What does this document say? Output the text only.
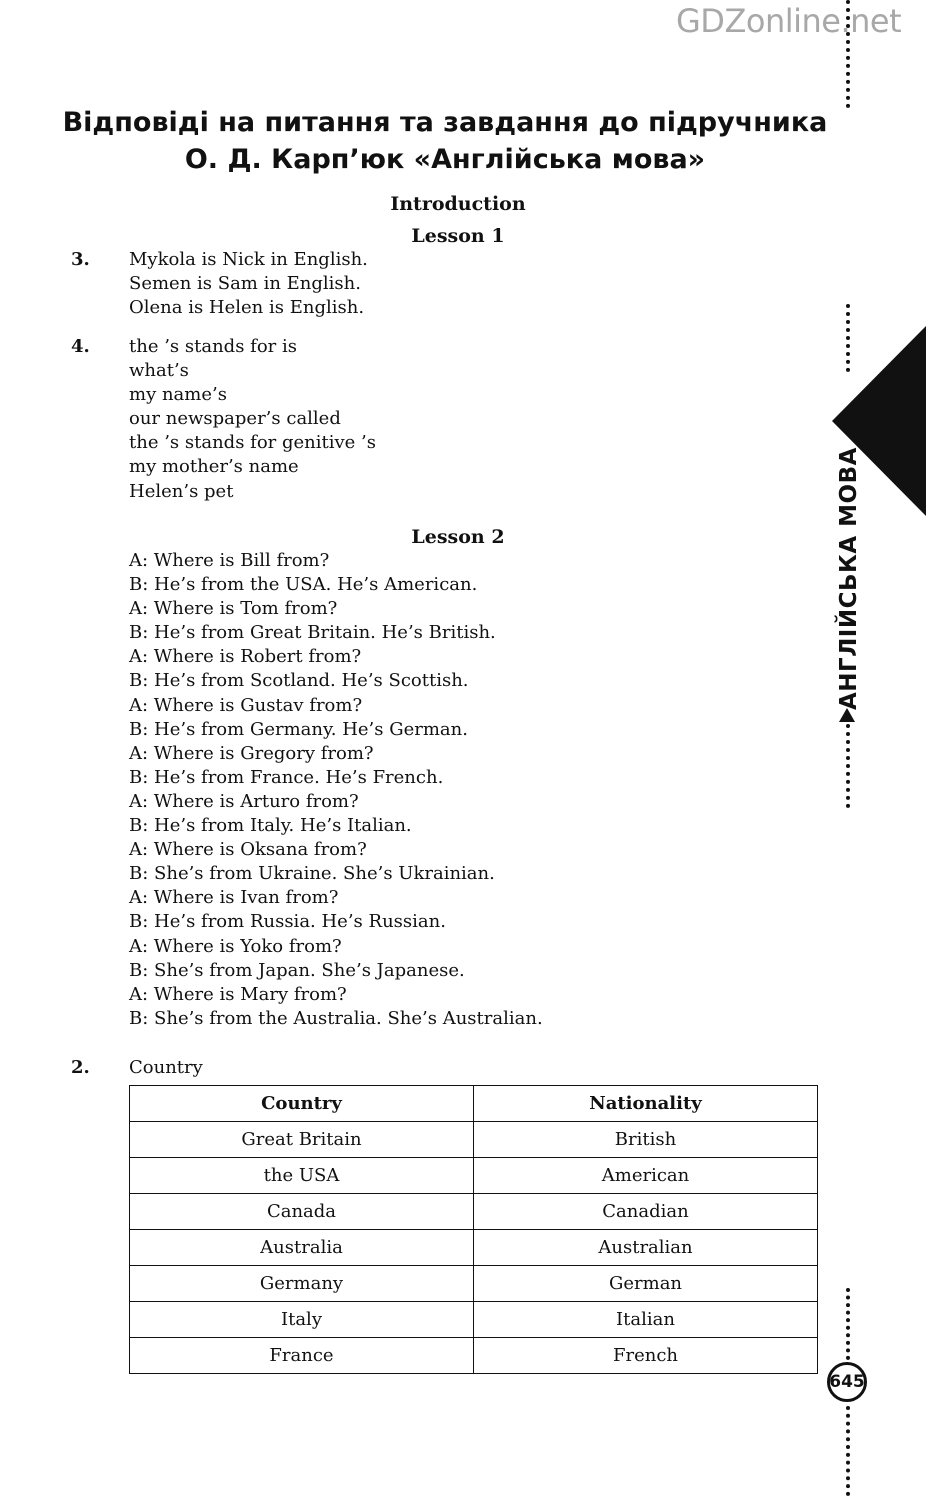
GDZonline.net
АНГЛІЙСЬКА МОВА
645
Відповіді на питання та завдання до підручника
О. Д. Карп’юк «Англійська мова»
Introduction
Lesson 1
3. Mykola is Nick in English.
Semen is Sam in English.
Olena is Helen is English.
4. the ’s stands for is
what’s
my name’s
our newspaper’s called
the ’s stands for genitive ’s
my mother’s name
Helen’s pet
Lesson 2
A: Where is Bill from?
B: He’s from the USA. He’s American.
A: Where is Tom from?
B: He’s from Great Britain. He’s British.
A: Where is Robert from?
B: He’s from Scotland. He’s Scottish.
A: Where is Gustav from?
B: He’s from Germany. He’s German.
A: Where is Gregory from?
B: He’s from France. He’s French.
A: Where is Arturo from?
B: He’s from Italy. He’s Italian.
A: Where is Oksana from?
B: She’s from Ukraine. She’s Ukrainian.
A: Where is Ivan from?
B: He’s from Russia. He’s Russian.
A: Where is Yoko from?
B: She’s from Japan. She’s Japanese.
A: Where is Mary from?
B: She’s from the Australia. She’s Australian.
2. Country
Country	Nationality
Great Britain	British
the USA	American
Canada	Canadian
Australia	Australian
Germany	German
Italy	Italian
France	French
